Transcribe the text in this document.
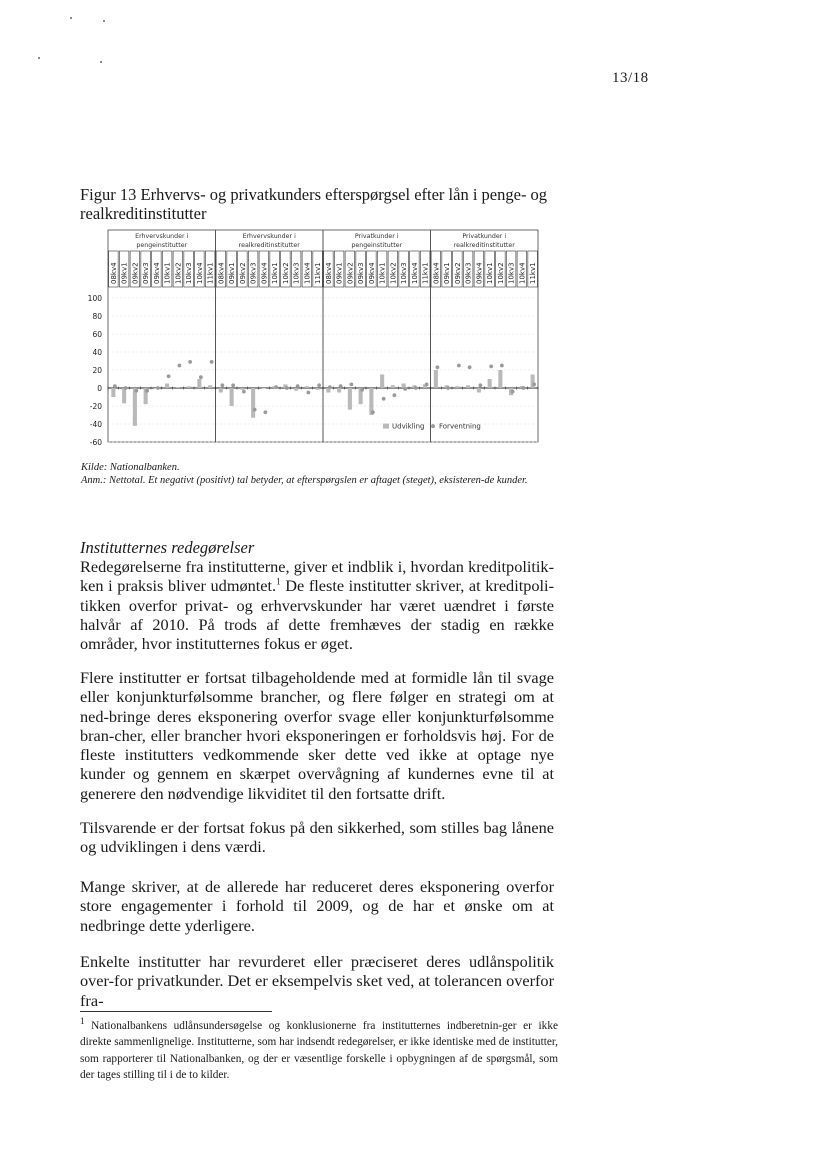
13/18
Figur 13 Erhvervs- og privatkunders efterspørgsel efter lån i penge- og realkreditinstitutter
-60
-40
-20
0
20
40
60
80
100
Erhvervskunder i
pengeinstitutter
Erhvervskunder i
realkreditinstitutter
Privatkunder i
pengeinstitutter
Privatkunder i
realkreditinstitutter
08kv4 09kv1 09kv2 09kv3 09kv4 10kv1 10kv2 10kv3 10kv4 11kv1 08kv4 09kv1 09kv2 09kv3 09kv4 10kv1 10kv2 10kv3 10kv4 11kv1 08kv4 09kv1 09kv2 09kv3 09kv4 10kv1 10kv2 10kv3 10kv4 11kv1 08kv4 09kv1 09kv2 09kv3 09kv4 10kv1 10kv2 10kv3 10kv4 11kv1
Udvikling Forventning
Kilde: Nationalbanken.
Anm.: Nettotal. Et negativt (positivt) tal betyder, at efterspørgslen er aftaget (steget), eksisteren-de kunder.
Institutternes redegørelser

Redegørelserne fra institutterne, giver et indblik i, hvordan kreditpolitik-ken i praksis bliver udmøntet.$^1$ De fleste institutter skriver, at kreditpoli-tikken overfor privat- og erhvervskunder har været uændret i første halvår af 2010. På trods af dette fremhæves der stadig en række områder, hvor institutternes fokus er øget.

Flere institutter er fortsat tilbageholdende med at formidle lån til svage eller konjunkturfølsomme brancher, og flere følger en strategi om at ned-bringe deres eksponering overfor svage eller konjunkturfølsomme bran-cher, eller brancher hvori eksponeringen er forholdsvis høj. For de fleste institutters vedkommende sker dette ved ikke at optage nye kunder og gennem en skærpet overvågning af kundernes evne til at generere den nødvendige likviditet til den fortsatte drift.

Tilsvarende er der fortsat fokus på den sikkerhed, som stilles bag lånene og udviklingen i dens værdi.

Mange skriver, at de allerede har reduceret deres eksponering overfor store engagementer i forhold til 2009, og de har et ønske om at nedbringe dette yderligere.

Enkelte institutter har revurderet eller præciseret deres udlånspolitik over-for privatkunder. Det er eksempelvis sket ved, at tolerancen overfor fra-

$^1$ Nationalbankens udlånsundersøgelse og konklusionerne fra institutternes indberetnin-ger er ikke direkte sammenlignelige. Institutterne, som har indsendt redegørelser, er ikke identiske med de institutter, som rapporterer til Nationalbanken, og der er væsentlige forskelle i opbygningen af de spørgsmål, som der tages stilling til i de to kilder.
